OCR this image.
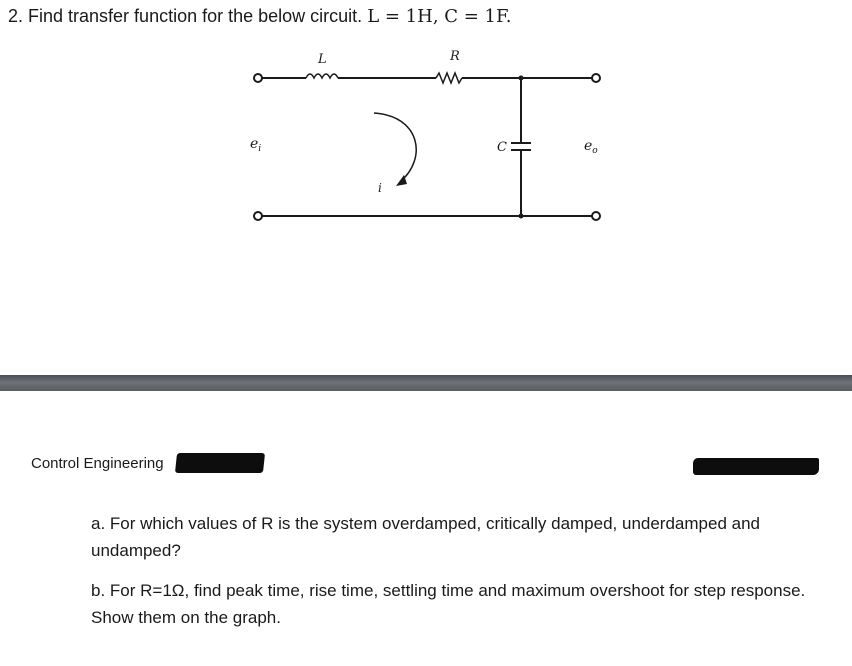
2. Find transfer function for the below circuit. L = 1H, C = 1F.
L	R
C
$e_i$	$e_o$
i
Control Engineering
a. For which values of R is the system overdamped, critically damped, underdamped and undamped?
b. For R=1Ω, find peak time, rise time, settling time and maximum overshoot for step response. Show them on the graph.
